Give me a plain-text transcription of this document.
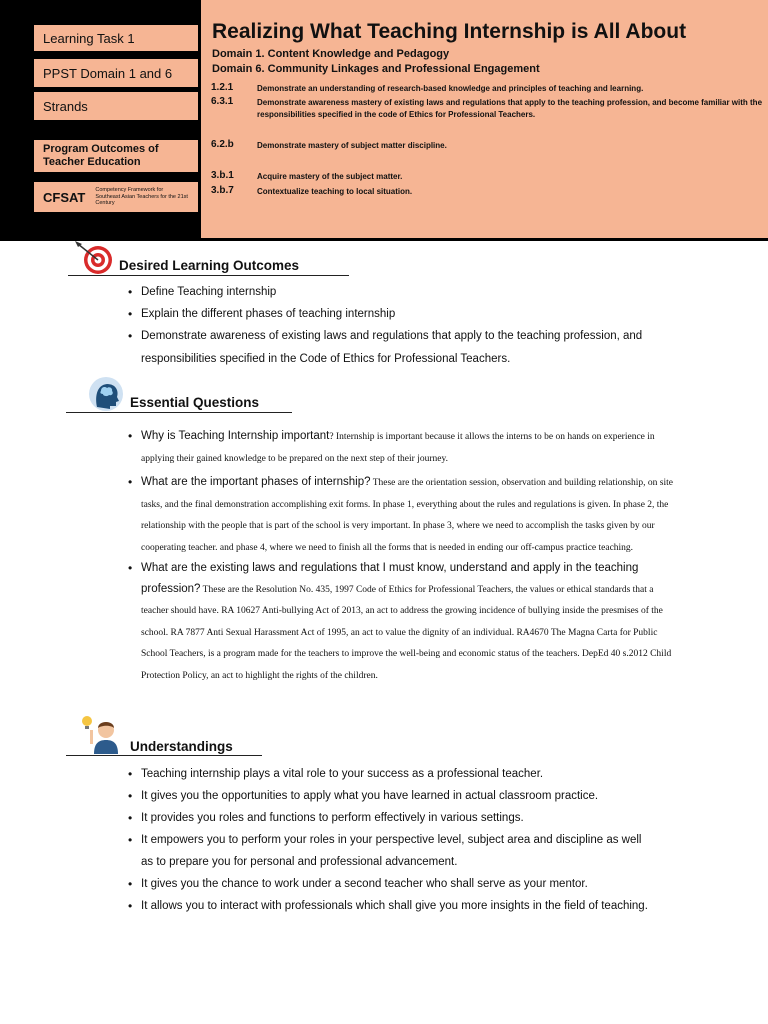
Learning Task 1
PPST Domain 1 and 6
Strands
Program Outcomes of Teacher Education
CFSAT Competency Framework for Southeast Asian Teachers for the 21st Century
Realizing What Teaching Internship is All About
Domain 1. Content Knowledge and Pedagogy
Domain 6. Community Linkages and Professional Engagement
1.2.1	Demonstrate an understanding of research-based knowledge and principles of teaching and learning.
6.3.1	Demonstrate awareness mastery of existing laws and regulations that apply to the teaching profession, and become familiar with the responsibilities specified in the code of Ethics for Professional Teachers.
6.2.b	Demonstrate mastery of subject matter discipline.
3.b.1	Acquire mastery of the subject matter.
3.b.7	Contextualize teaching to local situation.
Desired Learning Outcomes
• Define Teaching internship
• Explain the different phases of teaching internship
• Demonstrate awareness of existing laws and regulations that apply to the teaching profession, and responsibilities specified in the Code of Ethics for Professional Teachers.
Essential Questions
• Why is Teaching Internship important? Internship is important because it allows the interns to be on hands on experience in applying their gained knowledge to be prepared on the next step of their journey.
• What are the important phases of internship? These are the orientation session, observation and building relationship, on site tasks, and the final demonstration accomplishing exit forms. In phase 1, everything about the rules and regulations is given. In phase 2, the relationship with the people that is part of the school is very important. In phase 3, where we need to accomplish the tasks given by our cooperating teacher. and phase 4, where we need to finish all the forms that is needed in ending our off-campus practice teaching.
• What are the existing laws and regulations that I must know, understand and apply in the teaching profession? These are the Resolution No. 435, 1997 Code of Ethics for Professional Teachers, the values or ethical standards that a teacher should have. RA 10627 Anti-bullying Act of 2013, an act to address the growing incidence of bullying inside the presmises of the school. RA 7877 Anti Sexual Harassment Act of 1995, an act to value the dignity of an individual. RA4670 The Magna Carta for Public School Teachers, is a program made for the teachers to improve the well-being and economic status of the teachers. DepEd 40 s.2012 Child Protection Policy, an act to highlight the rights of the children.
Understandings
• Teaching internship plays a vital role to your success as a professional teacher.
• It gives you the opportunities to apply what you have learned in actual classroom practice.
• It provides you roles and functions to perform effectively in various settings.
• It empowers you to perform your roles in your perspective level, subject area and discipline as well as to prepare you for personal and professional advancement.
• It gives you the chance to work under a second teacher who shall serve as your mentor.
• It allows you to interact with professionals which shall give you more insights in the field of teaching.
